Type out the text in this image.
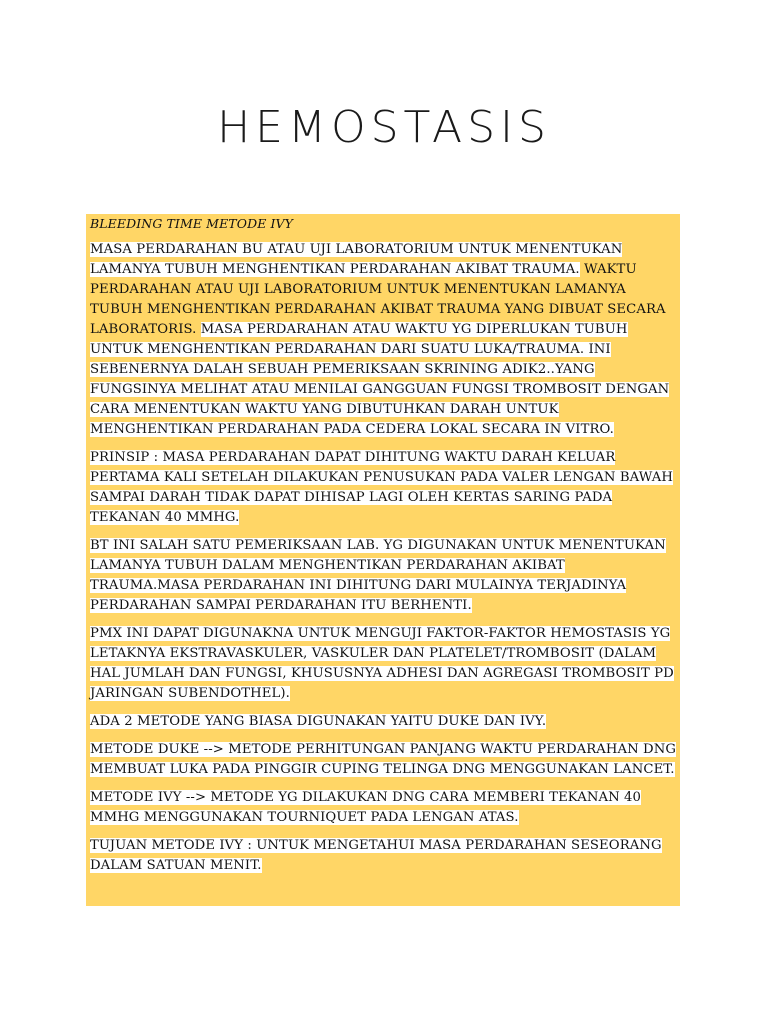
HEMOSTASIS

BLEEDING TIME METODE IVY

MASA PERDARAHAN BU ATAU UJI LABORATORIUM UNTUK MENENTUKAN LAMANYA TUBUH MENGHENTIKAN PERDARAHAN AKIBAT TRAUMA. WAKTU PERDARAHAN ATAU UJI LABORATORIUM UNTUK MENENTUKAN LAMANYA TUBUH MENGHENTIKAN PERDARAHAN AKIBAT TRAUMA YANG DIBUAT SECARA LABORATORIS. MASA PERDARAHAN ATAU WAKTU YG DIPERLUKAN TUBUH UNTUK MENGHENTIKAN PERDARAHAN DARI SUATU LUKA/TRAUMA. INI SEBENERNYA DALAH SEBUAH PEMERIKSAAN SKRINING ADIK2..YANG FUNGSINYA MELIHAT ATAU MENILAI GANGGUAN FUNGSI TROMBOSIT DENGAN CARA MENENTUKAN WAKTU YANG DIBUTUHKAN DARAH UNTUK MENGHENTIKAN PERDARAHAN PADA CEDERA LOKAL SECARA IN VITRO.

PRINSIP : MASA PERDARAHAN DAPAT DIHITUNG WAKTU DARAH KELUAR PERTAMA KALI SETELAH DILAKUKAN PENUSUKAN PADA VALER LENGAN BAWAH SAMPAI DARAH TIDAK DAPAT DIHISAP LAGI OLEH KERTAS SARING PADA TEKANAN 40 MMHG.

BT INI SALAH SATU PEMERIKSAAN LAB. YG DIGUNAKAN UNTUK MENENTUKAN LAMANYA TUBUH DALAM MENGHENTIKAN PERDARAHAN AKIBAT TRAUMA.MASA PERDARAHAN INI DIHITUNG DARI MULAINYA TERJADINYA PERDARAHAN SAMPAI PERDARAHAN ITU BERHENTI.

PMX INI DAPAT DIGUNAKNA UNTUK MENGUJI FAKTOR-FAKTOR HEMOSTASIS YG LETAKNYA EKSTRAVASKULER, VASKULER DAN PLATELET/TROMBOSIT (DALAM HAL JUMLAH DAN FUNGSI, KHUSUSNYA ADHESI DAN AGREGASI TROMBOSIT PD JARINGAN SUBENDOTHEL).

ADA 2 METODE YANG BIASA DIGUNAKAN YAITU DUKE DAN IVY.

METODE DUKE --> METODE PERHITUNGAN PANJANG WAKTU PERDARAHAN DNG MEMBUAT LUKA PADA PINGGIR CUPING TELINGA DNG MENGGUNAKAN LANCET.

METODE IVY --> METODE YG DILAKUKAN DNG CARA MEMBERI TEKANAN 40 MMHG MENGGUNAKAN TOURNIQUET PADA LENGAN ATAS.

TUJUAN METODE IVY : UNTUK MENGETAHUI MASA PERDARAHAN SESEORANG DALAM SATUAN MENIT.
